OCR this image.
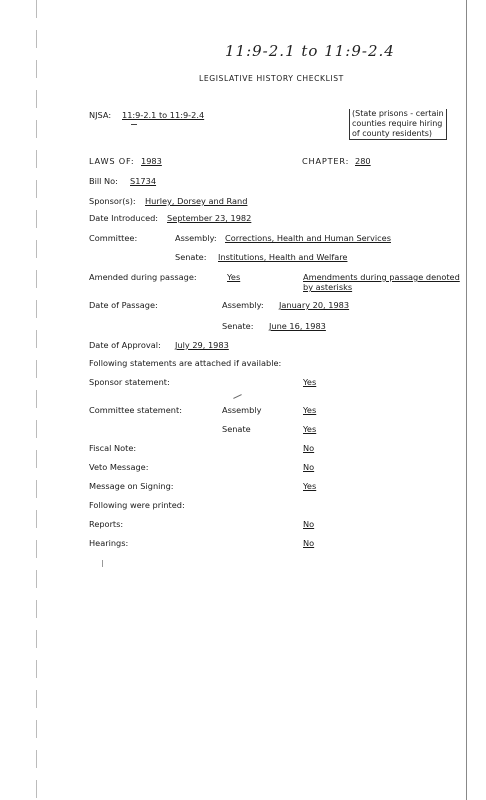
11:9-2.1 to 11:9-2.4
LEGISLATIVE HISTORY CHECKLIST
NJSA: 11:9-2.1 to 11:9-2.4	(State prisons - certain
counties require hiring
of county residents)
LAWS OF: 1983	CHAPTER: 280
Bill No: S1734
Sponsor(s): Hurley, Dorsey and Rand
Date Introduced: September 23, 1982
Committee:	Assembly: Corrections, Health and Human Services
Senate: Institutions, Health and Welfare
Amended during passage:	Yes	Amendments during passage denoted
by asterisks
Date of Passage:	Assembly: January 20, 1983
Senate: June 16, 1983
Date of Approval: July 29, 1983
Following statements are attached if available:
Sponsor statement:	Yes
Committee statement:	Assembly	Yes
Senate	Yes
Fiscal Note:	No
Veto Message:	No
Message on Signing:	Yes
Following were printed:
Reports:	No
Hearings:	No
